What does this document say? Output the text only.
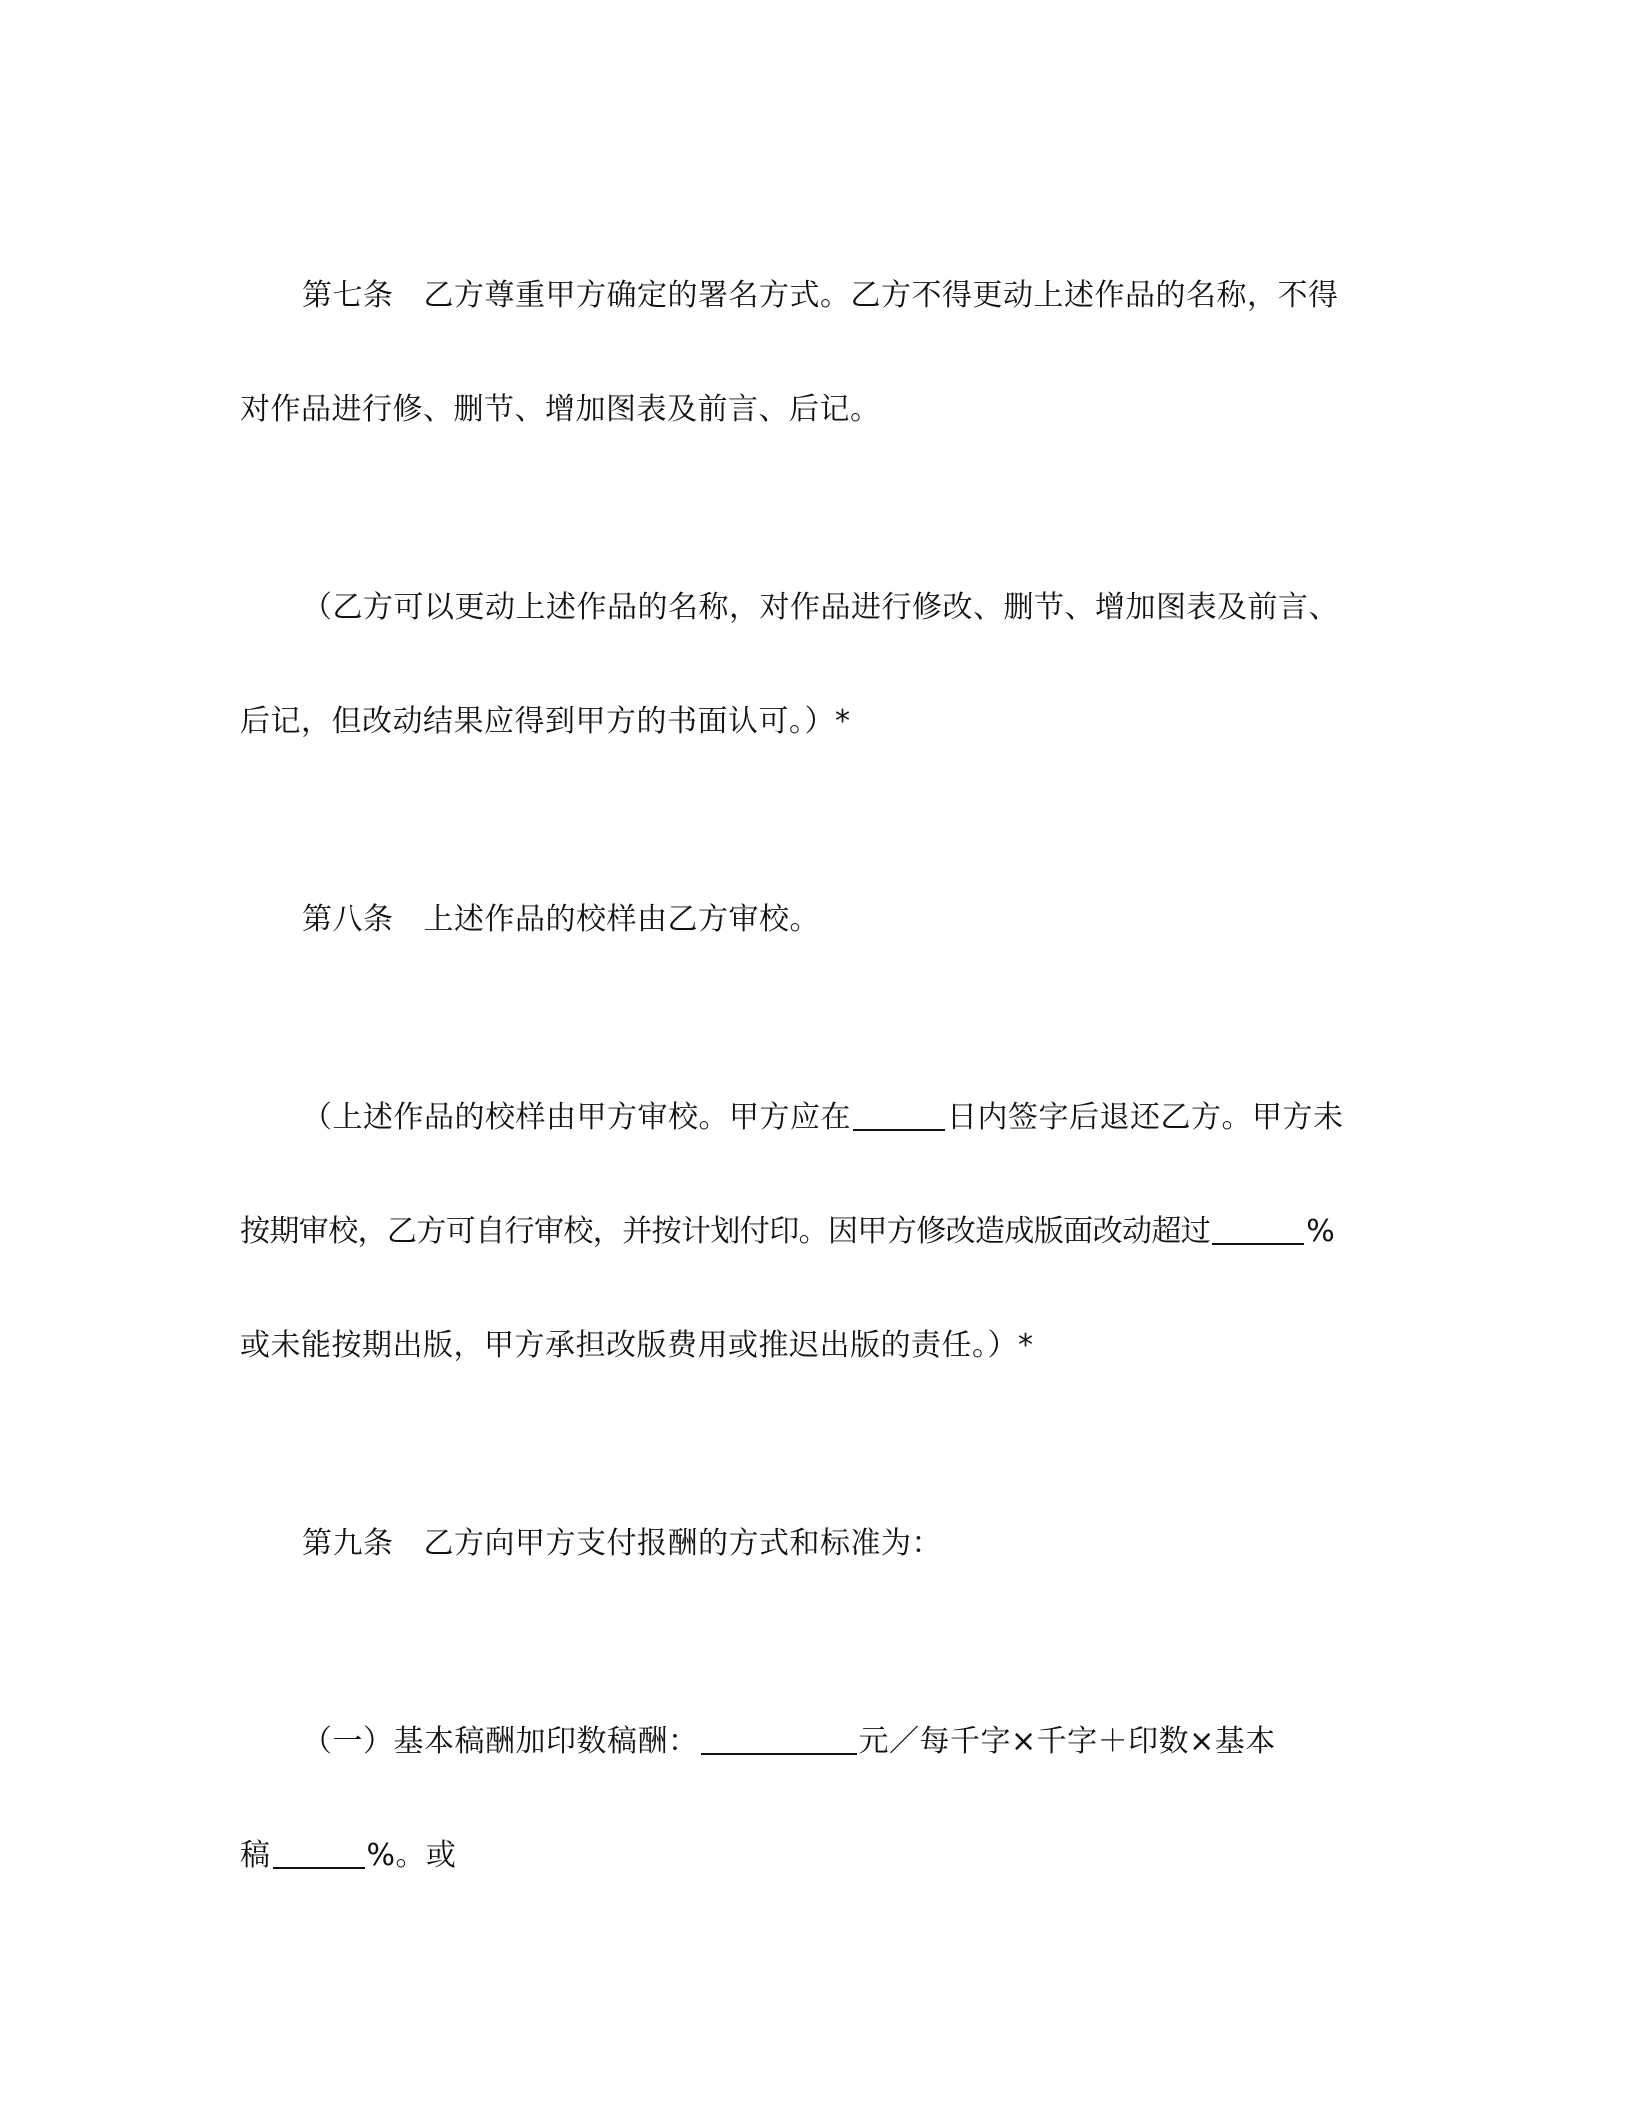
第七条 乙方尊重甲方确定的署名方式。乙方不得更动上述作品的名称，不得
对作品进行修、删节、增加图表及前言、后记。
（乙方可以更动上述作品的名称，对作品进行修改、删节、增加图表及前言、
后记，但改动结果应得到甲方的书面认可。）*
第八条 上述作品的校样由乙方审校。
（上述作品的校样由甲方审校。甲方应在	日内签字后退还乙方。甲方未
按期审校，乙方可自行审校，并按计划付印。因甲方修改造成版面改动超过	%
或未能按期出版，甲方承担改版费用或推迟出版的责任。）*
第九条 乙方向甲方支付报酬的方式和标准为：
（一）基本稿酬加印数稿酬：	元／每千字×千字＋印数×基本
稿	%。或
